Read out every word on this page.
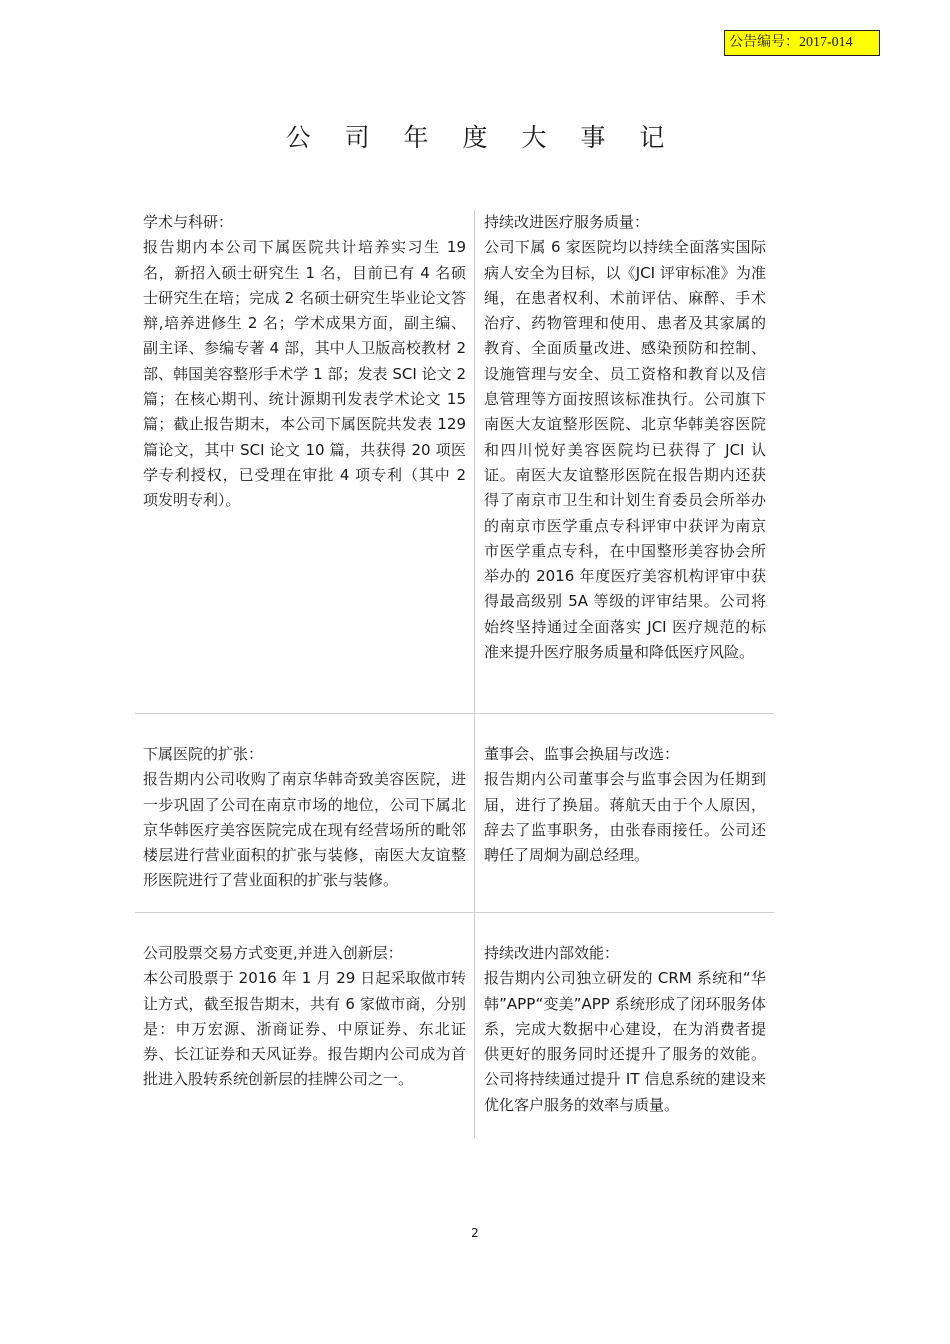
公告编号：2017-014
公 司 年 度 大 事 记

学术与科研：

报告期内本公司下属医院共计培养实习生 19 名，新招入硕士研究生 1 名，目前已有 4 名硕士研究生在培；完成 2 名硕士研究生毕业论文答辩,培养进修生 2 名；学术成果方面，副主编、副主译、参编专著 4 部，其中人卫版高校教材 2 部、韩国美容整形手术学 1 部；发表 SCI 论文 2 篇；在核心期刊、统计源期刊发表学术论文 15 篇；截止报告期末，本公司下属医院共发表 129 篇论文，其中 SCI 论文 10 篇，共获得 20 项医学专利授权，已受理在审批 4 项专利（其中 2 项发明专利）。

持续改进医疗服务质量：

公司下属 6 家医院均以持续全面落实国际病人安全为目标，以《JCI 评审标准》为准绳，在患者权利、术前评估、麻醉、手术治疗、药物管理和使用、患者及其家属的教育、全面质量改进、感染预防和控制、设施管理与安全、员工资格和教育以及信息管理等方面按照该标准执行。公司旗下南医大友谊整形医院、北京华韩美容医院和四川悦好美容医院均已获得了 JCI 认证。南医大友谊整形医院在报告期内还获得了南京市卫生和计划生育委员会所举办的南京市医学重点专科评审中获评为南京市医学重点专科，在中国整形美容协会所举办的 2016 年度医疗美容机构评审中获得最高级别 5A 等级的评审结果。公司将始终坚持通过全面落实 JCI 医疗规范的标准来提升医疗服务质量和降低医疗风险。

下属医院的扩张：

报告期内公司收购了南京华韩奇致美容医院，进一步巩固了公司在南京市场的地位，公司下属北京华韩医疗美容医院完成在现有经营场所的毗邻楼层进行营业面积的扩张与装修，南医大友谊整形医院进行了营业面积的扩张与装修。

董事会、监事会换届与改选：

报告期内公司董事会与监事会因为任期到届，进行了换届。蒋航天由于个人原因，辞去了监事职务，由张春雨接任。公司还聘任了周炯为副总经理。

公司股票交易方式变更,并进入创新层：

本公司股票于 2016 年 1 月 29 日起采取做市转让方式，截至报告期末，共有 6 家做市商，分别是：申万宏源、浙商证券、中原证券、东北证券、长江证券和天风证券。报告期内公司成为首批进入股转系统创新层的挂牌公司之一。

持续改进内部效能：

报告期内公司独立研发的 CRM 系统和“华韩”APP“变美”APP 系统形成了闭环服务体系，完成大数据中心建设，在为消费者提供更好的服务同时还提升了服务的效能。公司将持续通过提升 IT 信息系统的建设来优化客户服务的效率与质量。

2
